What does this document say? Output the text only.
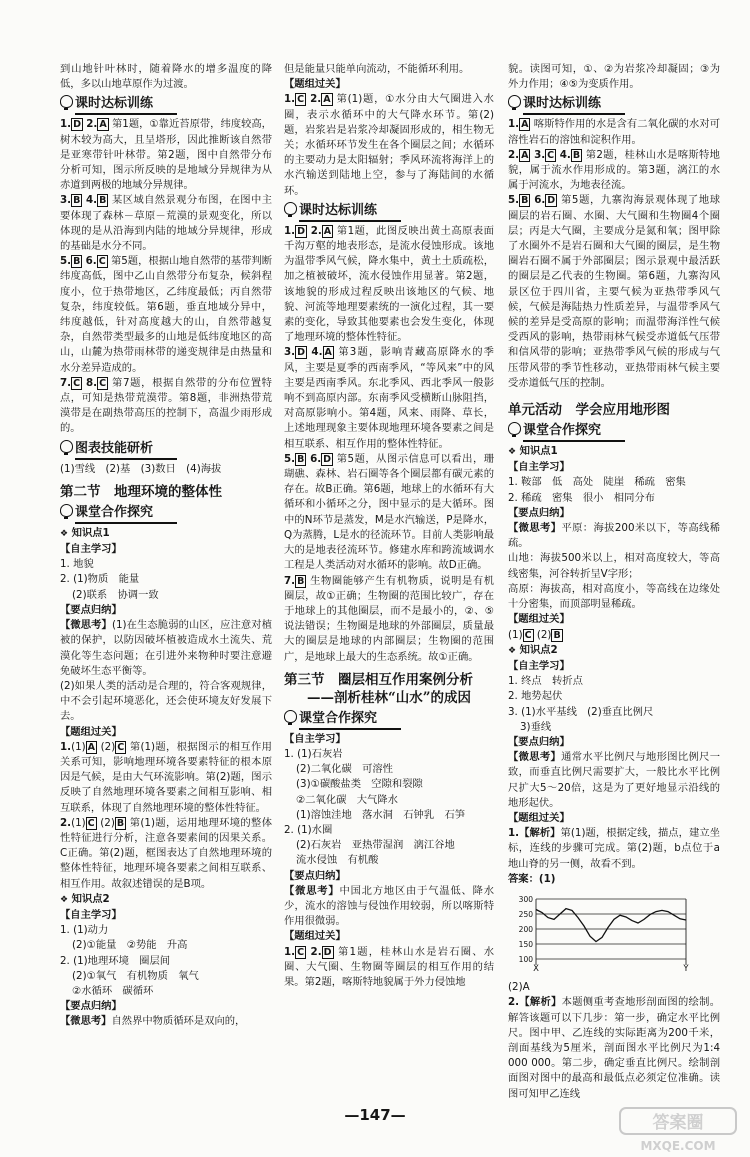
到山地针叶林时，随着降水的增多温度的降低，多以山地草原作为过渡。

课时达标训练

1. D 2. A 第1题，①靠近苔原带，纬度较高，树木较为高大，且呈塔形，因此推断该自然带是亚寒带针叶林带。第2题，图中自然带分布分析可知，图示所反映的是地域分异规律为从赤道到两极的地域分异规律。

3. B 4. B 某区域自然景观分布图，在图中主要体现了森林－草原－荒漠的景观变化，所以体现的是从沿海到内陆的地域分异规律，形成的基础是水分不同。

5. B 6. C 第5题，根据山地自然带的基带判断纬度高低，图中乙山自然带分布复杂，候斜程度小，位于热带地区，乙纬度最低；丙自然带复杂，纬度较低。第6题，垂直地域分异中，纬度越低，针对高度越大的山，自然带越复杂，自然带类型最多的山地是低纬度地区的高山，山麓为热带雨林带的递变规律是由热量和水分差异造成的。

7. C 8. C 第7题，根据自然带的分布位置特点，可知是热带荒漠带。第8题，非洲热带荒漠带是在副热带高压的控制下，高温少雨形成的。

图表技能研析

(1)雪线　(2)基　(3)数日　(4)海拔

第二节　地理环境的整体性
课堂合作探究
❖ 知识点1
【自主学习】

1. 地貌

2. (1)物质　能量

(2)联系　协调一致

【要点归纳】

【微思考】(1)在生态脆弱的山区，应注意对植被的保护，以防因破坏植被造成水土流失、荒漠化等生态问题；在引进外来物种时要注意避免破坏生态平衡等。

(2)如果人类的活动是合理的，符合客观规律，中不会引起环境恶化，还会使环境友好发展下去。

【题组过关】

1.(1) A (2) C 第(1)题，根据图示的相互作用关系可知，影响地理环境各要素特征的根本原因是气候，是由大气环流影响。第(2)题，图示反映了自然地理环境各要素之间相互影响、相互联系，体现了自然地理环境的整体性特征。

2.(1) C (2) B 第(1)题，运用地理环境的整体性特征进行分析，注意各要素间的因果关系。C正确。第(2)题，框图表达了自然地理环境的整体性特征，地理环境各要素之间相互联系、相互作用。故叙述错误的是B项。

❖ 知识点2
【自主学习】

1. (1)动力

(2)①能量　②势能　升高

2. (1)地理环境　圈层间

(2)①氧气　有机物质　氧气

②水循环　碳循环

【要点归纳】

【微思考】自然界中物质循环是双向的，

但是能量只能单向流动，不能循环利用。

【题组过关】

1. C 2. A 第(1)题，①水分由大气圈进入水圈，表示水循环中的大气降水环节。第(2)题，岩浆岩是岩浆冷却凝固形成的，相生物无关；水循环环节发生在各个圈层之间；水循环的主要动力是太阳辐射；季风环流将海洋上的水汽输送到陆地上空，参与了海陆间的水循环。

课时达标训练

1. D 2. A 第1题，此图反映出黄土高原表面千沟万壑的地表形态，是流水侵蚀形成。该地为温带季风气候，降水集中，黄土土质疏松，加之植被破坏，流水侵蚀作用显著。第2题，该地貌的形成过程反映出该地区的气候、地貌、河流等地理要素统的一演化过程，其一要素的变化，导致其他要素也会发生变化，体现了地理环境的整体性特征。

3. D 4. A 第3题，影响青藏高原降水的季风，主要是夏季的西南季风，“等风来”中的风主要是西南季风。东北季风、西北季风一般影响不到高原内部。东南季风受横断山脉阻挡，对高原影响小。第4题，风来、雨降、草长，上述地理现象主要体现地理环境各要素之间是相互联系、相互作用的整体性特征。

5. B 6. D 第5题，从图示信息可以看出，珊瑚礁、森林、岩石圈等各个圈层都有碳元素的存在。故B正确。第6题，地球上的水循环有大循环和小循环之分，图中显示的是大循环。图中的N环节是蒸发，M是水汽输送，P是降水，Q为蒸腾，L是水的径流环节。目前人类影响最大的是地表径流环节。修建水库和跨流域调水工程是人类活动对水循环的影响。故D正确。

7. B 生物圈能够产生有机物质，说明是有机圈层，故①正确；生物圈的范围比较广，存在于地球上的其他圈层，而不是最小的，②、⑤说法错误；生物圈是地球的外部圈层，质量最大的圈层是地球的内部圈层；生物圈的范围广，是地球上最大的生态系统。故①正确。

第三节　圈层相互作用案例分析
——剖析桂林“山水”的成因
课堂合作探究
【自主学习】

1. (1)石灰岩

(2)二氧化碳　可溶性

(3)①碳酸盐类　空隙和裂隙

②二氧化碳　大气降水

(1)溶蚀洼地　落水洞　石钟乳　石笋

2. (1)水圈

(2)石灰岩　亚热带湿润　漓江谷地

流水侵蚀　有机酸

【要点归纳】

【微思考】中国北方地区由于气温低、降水少，流水的溶蚀与侵蚀作用较弱，所以喀斯特作用很微弱。

【题组过关】

1. C 2. D 第1题，桂林山水是岩石圈、水圈、大气圈、生物圈等圈层的相互作用的结果。第2题，喀斯特地貌属于外力侵蚀地

貌。读图可知，①、②为岩浆冷却凝固；③为外力作用；④⑤为变质作用。

课时达标训练

1. A 喀斯特作用的水是含有二氧化碳的水对可溶性岩石的溶蚀和淀积作用。

2. A 3. C 4. B 第2题，桂林山水是喀斯特地貌，属于流水作用形成的。第3题，漓江的水属于河流水，为地表径流。

5. B 6. D 第5题，九寨沟海景观体现了地球圈层的岩石圈、水圈、大气圈和生物圈4个圈层；丙是大气圈，主要成分是氮和氧；图甲除了水圈外不是岩石圈和大气圈的圈层，是生物圈岩石圈不属于外部圈层；图示景观中最活跃的圈层是乙代表的生物圈。第6题，九寨沟风景区位于四川省，主要气候为亚热带季风气候，气候是海陆热力性质差异，与温带季风气候的差异是受高原的影响；而温带海洋性气候受西风的影响，热带雨林气候受赤道低气压带和信风带的影响；亚热带季风气候的形成与气压带风带的季节性移动，亚热带雨林气候主要受赤道低气压的控制。

单元活动　学会应用地形图
课堂合作探究
❖ 知识点1
【自主学习】

1. 鞍部　低　高处　陡崖　稀疏　密集

2. 稀疏　密集　很小　相同分布

【要点归纳】

【微思考】平原：海拔200米以下，等高线稀疏。

山地：海拔500米以上，相对高度较大，等高线密集，河谷转折呈V字形；

高原：海拔高，相对高度小，等高线在边缘处十分密集，而顶部明显稀疏。

【题组过关】

(1) C (2) B

❖ 知识点2
【自主学习】

1. 终点　转折点

2. 地势起伏

3. (1)水平基线　(2)垂直比例尺

3)垂线

【要点归纳】

【微思考】通常水平比例尺与地形图比例尺一致，而垂直比例尺需要扩大，一般比水平比例尺扩大5～20倍，这是为了更好地显示沿线的地形起伏。

【题组过关】

1.【解析】第(1)题，根据定线，描点，建立坐标，连线的步骤可完成。第(2)题，b点位于a地山脊的另一侧，故看不到。

答案：(1)
300
250
200
150
100
X	Y

(2)A

2.【解析】本题侧重考查地形剖面图的绘制。解答该题可以下几步：第一步，确定水平比例尺。图中甲、乙连线的实际距离为200千米，剖面基线为5厘米，剖面图水平比例尺为1:4 000 000。第二步，确定垂直比例尺。绘制剖面图对图中的最高和最低点必须定位准确。读图可知甲乙连线

—147—	答案圈
MXQE.COM
